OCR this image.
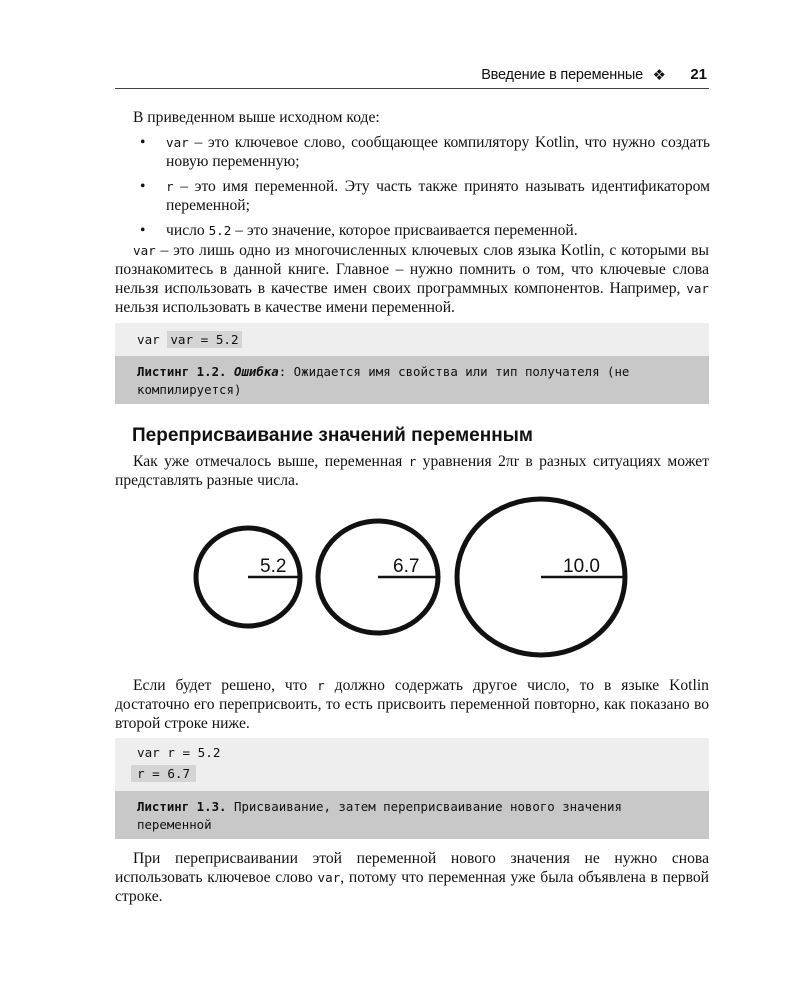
Введение в переменные ❖ 21
В приведенном выше исходном коде:
• var – это ключевое слово, сообщающее компилятору Kotlin, что нужно создать новую переменную;
• r – это имя переменной. Эту часть также принято называть идентификатором переменной;
• число 5.2 – это значение, которое присваивается переменной.
var – это лишь одно из многочисленных ключевых слов языка Kotlin, с которыми вы познакомитесь в данной книге. Главное – нужно помнить о том, что ключевые слова нельзя использовать в качестве имен своих программных компонентов. Например, var нельзя использовать в качестве имени переменной.
var var = 5.2
Листинг 1.2. Ошибка: Ожидается имя свойства или тип получателя (не компилируется)
Переприсваивание значений переменным
Как уже отмечалось выше, переменная r уравнения 2πr в разных ситуациях может представлять разные числа.
5.2	6.7	10.0
Если будет решено, что r должно содержать другое число, то в языке Kotlin достаточно его переприсвоить, то есть присвоить переменной повторно, как показано во второй строке ниже.
var r = 5.2
r = 6.7
Листинг 1.3. Присваивание, затем переприсваивание нового значения переменной
При переприсваивании этой переменной нового значения не нужно снова использовать ключевое слово var, потому что переменная уже была объявлена в первой строке.
